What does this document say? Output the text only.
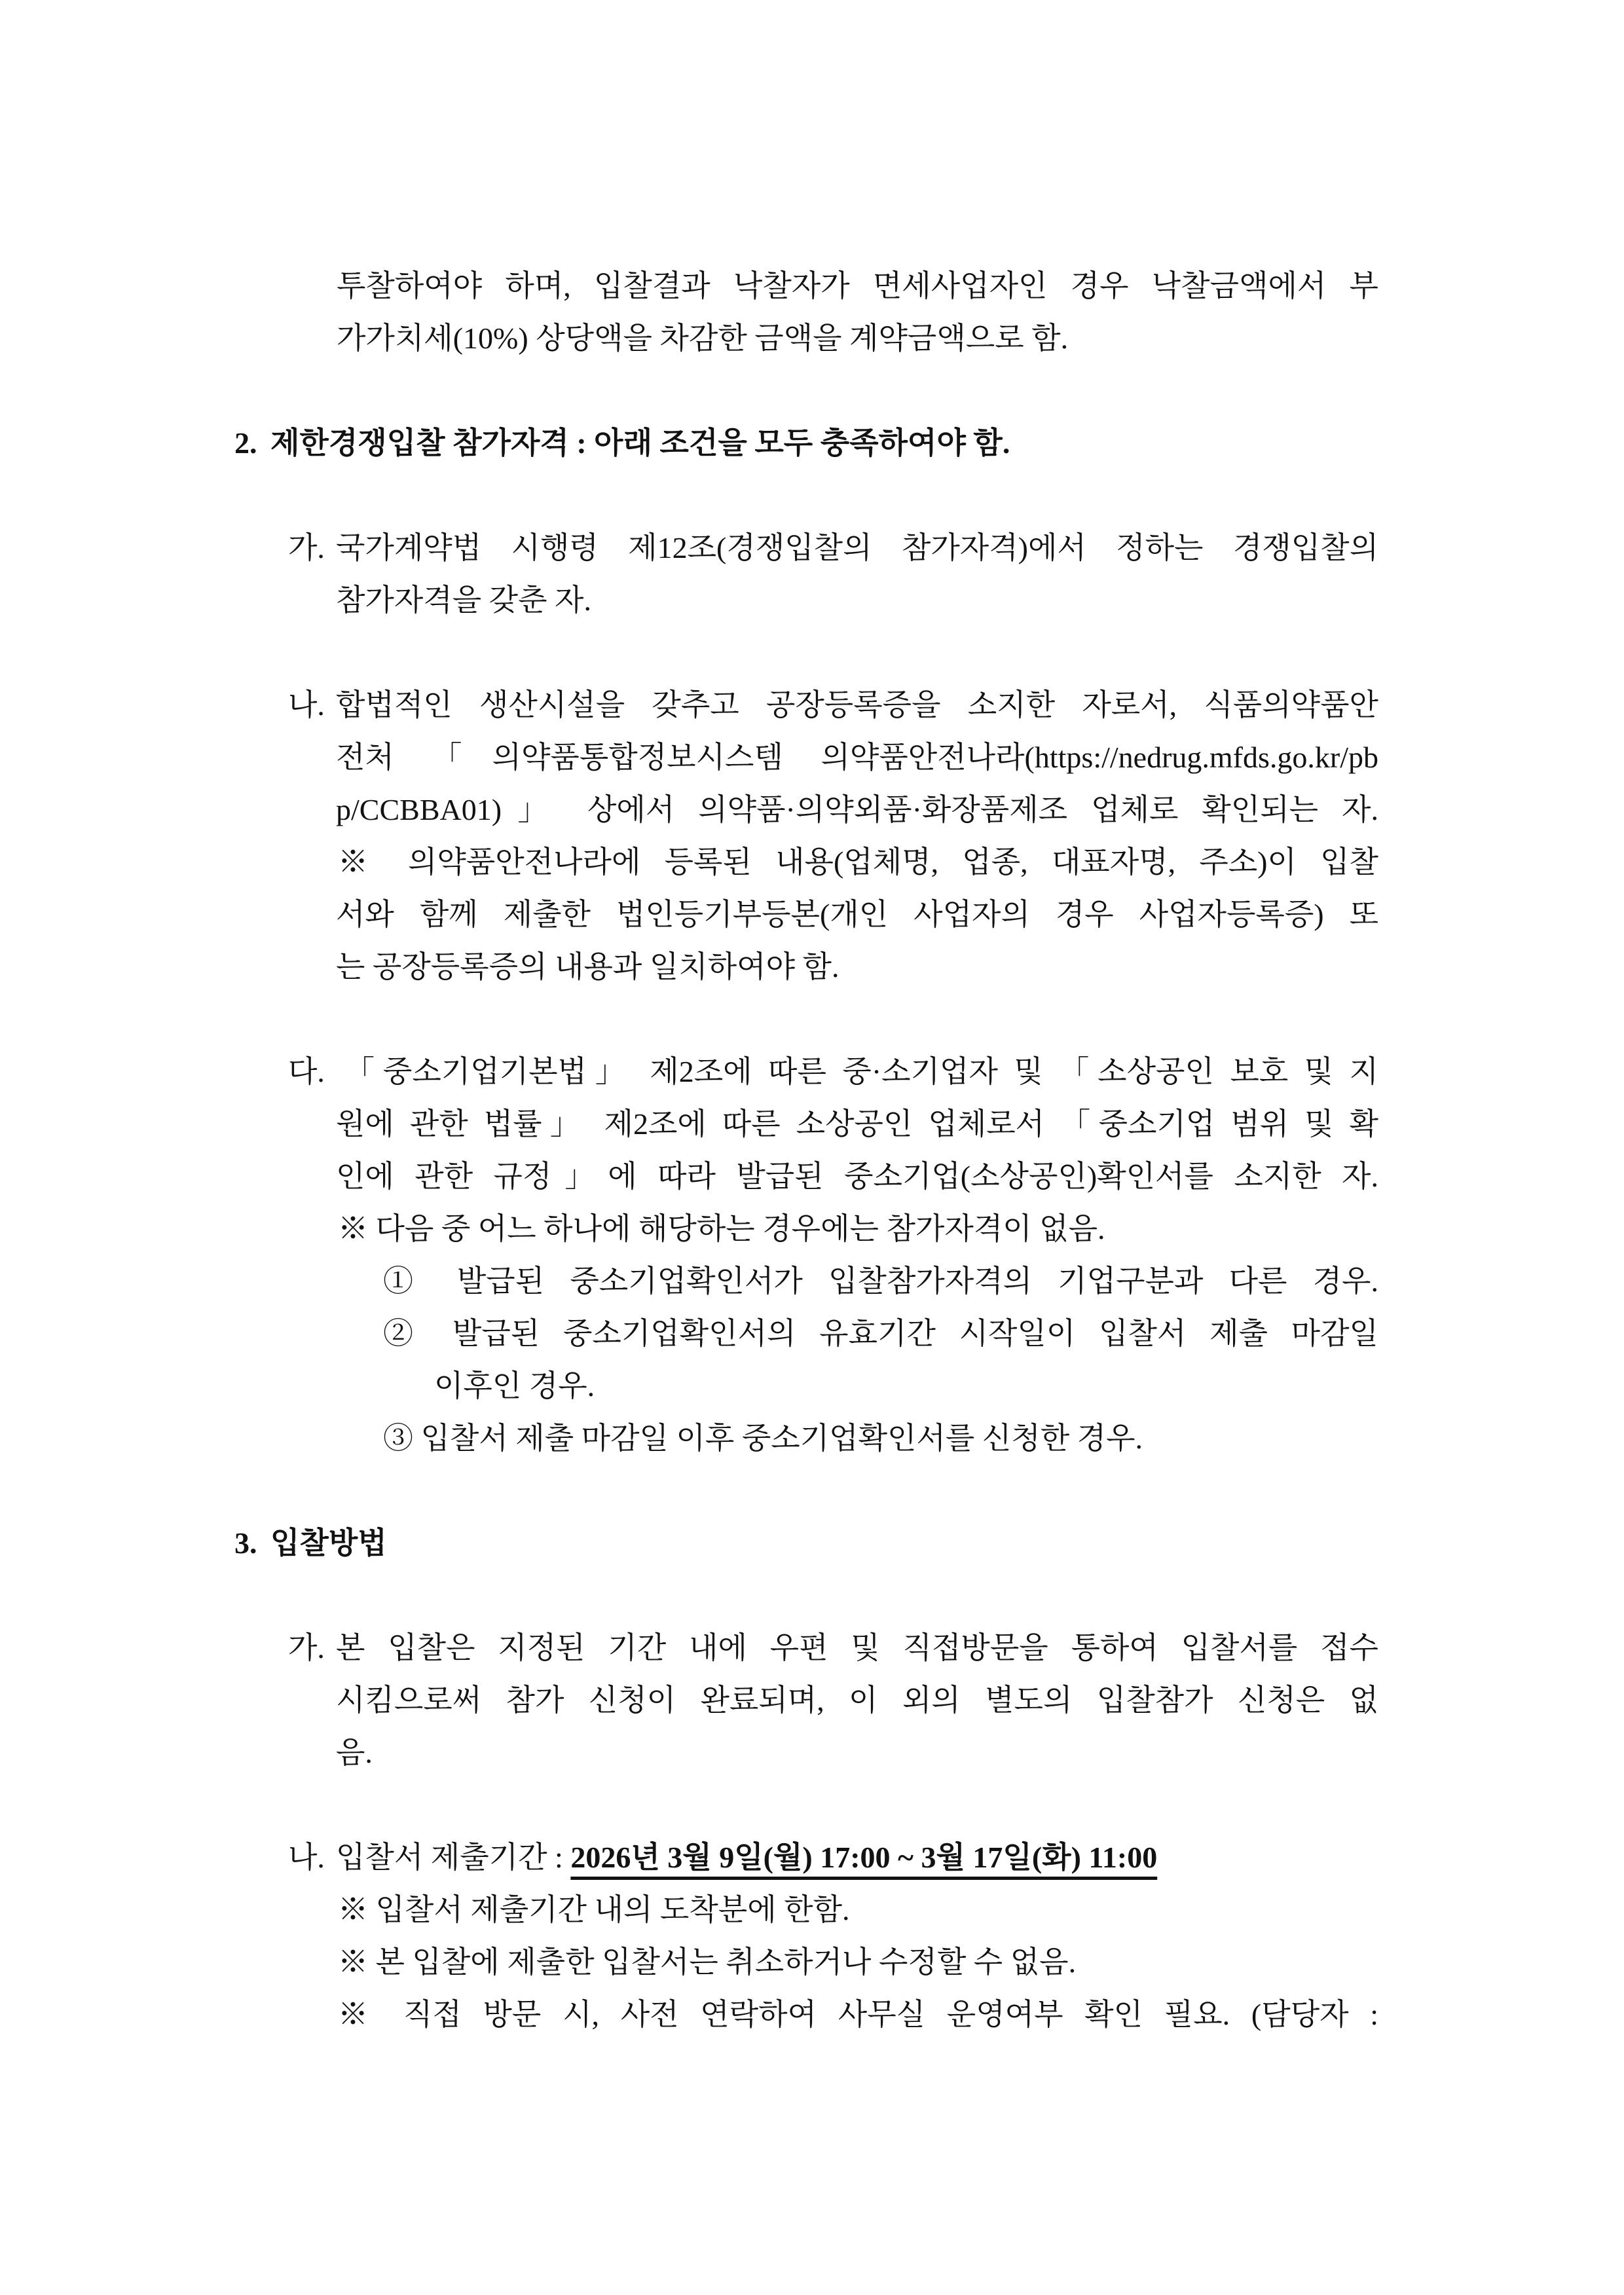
투찰하여야 하며, 입찰결과 낙찰자가 면세사업자인 경우 낙찰금액에서 부
가가치세(10%) 상당액을 차감한 금액을 계약금액으로 함.
2. 제한경쟁입찰 참가자격 : 아래 조건을 모두 충족하여야 함.
가. 국가계약법 시행령 제12조(경쟁입찰의 참가자격)에서 정하는 경쟁입찰의
참가자격을 갖춘 자.
나. 합법적인 생산시설을 갖추고 공장등록증을 소지한 자로서, 식품의약품안
전처 「의약품통합정보시스템 의약품안전나라(https://nedrug.mfds.go.kr/pb
p/CCBBA01)」 상에서 의약품·의약외품·화장품제조 업체로 확인되는 자.
※ 의약품안전나라에 등록된 내용(업체명, 업종, 대표자명, 주소)이 입찰
서와 함께 제출한 법인등기부등본(개인 사업자의 경우 사업자등록증) 또
는 공장등록증의 내용과 일치하여야 함.
다. 「중소기업기본법」 제2조에 따른 중·소기업자 및 「소상공인 보호 및 지
원에 관한 법률」 제2조에 따른 소상공인 업체로서 「중소기업 범위 및 확
인에 관한 규정」에 따라 발급된 중소기업(소상공인)확인서를 소지한 자.
※ 다음 중 어느 하나에 해당하는 경우에는 참가자격이 없음.
① 발급된 중소기업확인서가 입찰참가자격의 기업구분과 다른 경우.
② 발급된 중소기업확인서의 유효기간 시작일이 입찰서 제출 마감일
이후인 경우.
③ 입찰서 제출 마감일 이후 중소기업확인서를 신청한 경우.
3. 입찰방법
가. 본 입찰은 지정된 기간 내에 우편 및 직접방문을 통하여 입찰서를 접수
시킴으로써 참가 신청이 완료되며, 이 외의 별도의 입찰참가 신청은 없
음.
나. 입찰서 제출기간 : 2026년 3월 9일(월) 17:00 ~ 3월 17일(화) 11:00
※ 입찰서 제출기간 내의 도착분에 한함.
※ 본 입찰에 제출한 입찰서는 취소하거나 수정할 수 없음.
※ 직접 방문 시, 사전 연락하여 사무실 운영여부 확인 필요. (담당자 :
